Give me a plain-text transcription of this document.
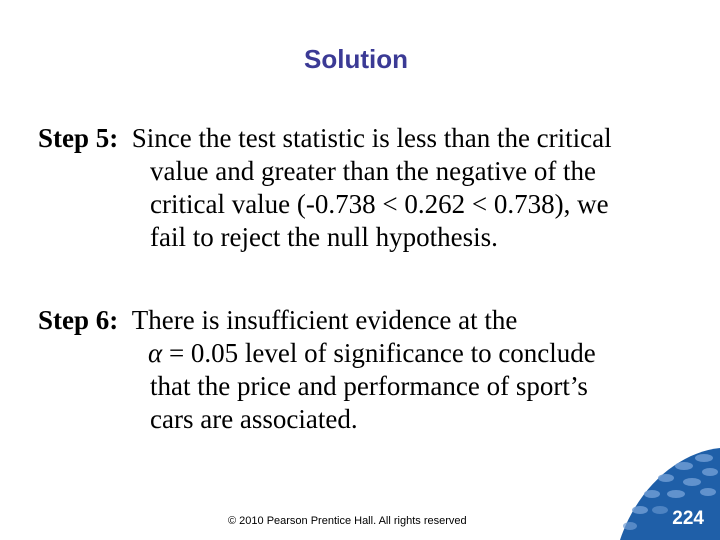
Solution
Step 5: Since the test statistic is less than the critical
value and greater than the negative of the
critical value (-0.738 < 0.262 < 0.738), we
fail to reject the null hypothesis.
Step 6: There is insufficient evidence at the
α = 0.05 level of significance to conclude
that the price and performance of sport’s
cars are associated.
© 2010 Pearson Prentice Hall. All rights reserved	224
